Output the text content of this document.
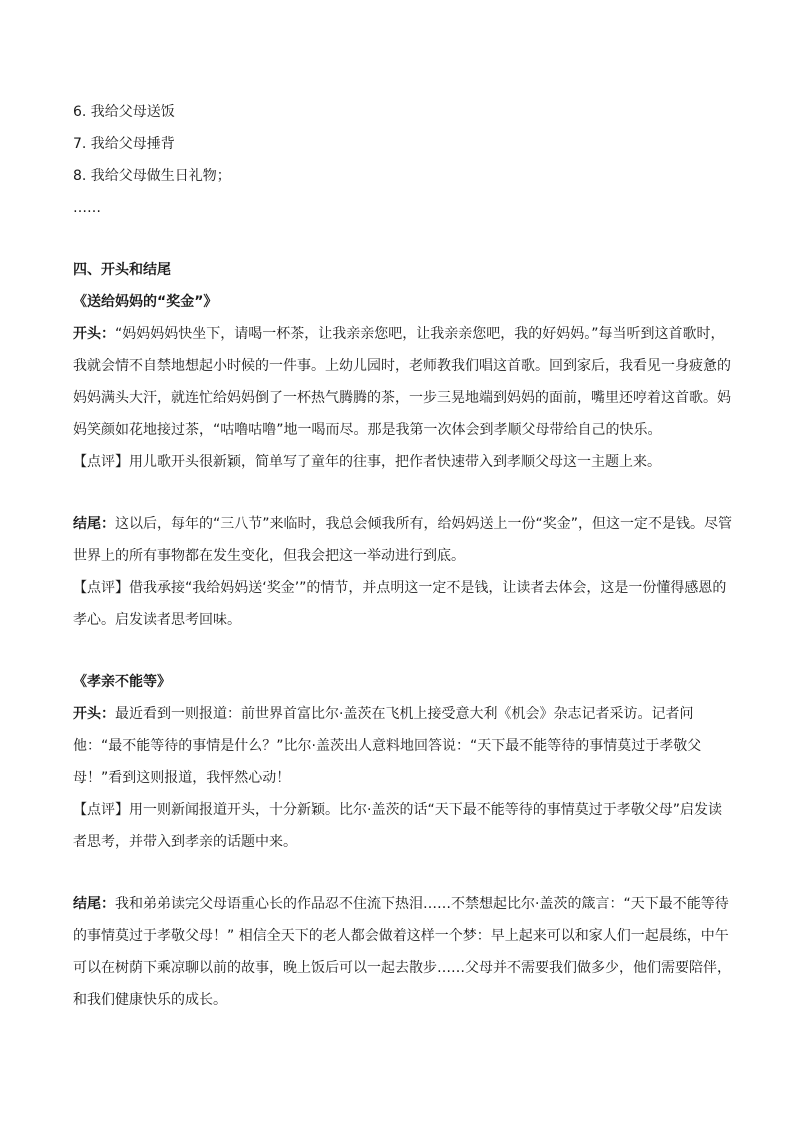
6. 我给父母送饭
7. 我给父母捶背
8. 我给父母做生日礼物；
……
四、开头和结尾
《送给妈妈的“奖金”》
开头：“妈妈妈妈快坐下，请喝一杯茶，让我亲亲您吧，让我亲亲您吧，我的好妈妈。”每当听到这首歌时，我就会情不自禁地想起小时候的一件事。上幼儿园时，老师教我们唱这首歌。回到家后，我看见一身疲惫的妈妈满头大汗，就连忙给妈妈倒了一杯热气腾腾的茶，一步三晃地端到妈妈的面前，嘴里还哼着这首歌。妈妈笑颜如花地接过茶，“咕噜咕噜”地一喝而尽。那是我第一次体会到孝顺父母带给自己的快乐。
【点评】用儿歌开头很新颖，简单写了童年的往事，把作者快速带入到孝顺父母这一主题上来。
结尾：这以后，每年的“三八节”来临时，我总会倾我所有，给妈妈送上一份“奖金”，但这一定不是钱。尽管世界上的所有事物都在发生变化，但我会把这一举动进行到底。
【点评】借我承接“我给妈妈送‘奖金’”的情节，并点明这一定不是钱，让读者去体会，这是一份懂得感恩的孝心。启发读者思考回味。
《孝亲不能等》
开头：最近看到一则报道：前世界首富比尔·盖茨在飞机上接受意大利《机会》杂志记者采访。记者问他：“最不能等待的事情是什么？”比尔·盖茨出人意料地回答说：“天下最不能等待的事情莫过于孝敬父母！”看到这则报道，我怦然心动！
【点评】用一则新闻报道开头，十分新颖。比尔·盖茨的话“天下最不能等待的事情莫过于孝敬父母”启发读者思考，并带入到孝亲的话题中来。
结尾：我和弟弟读完父母语重心长的作品忍不住流下热泪……不禁想起比尔·盖茨的箴言：“天下最不能等待的事情莫过于孝敬父母！” 相信全天下的老人都会做着这样一个梦：早上起来可以和家人们一起晨练，中午可以在树荫下乘凉聊以前的故事，晚上饭后可以一起去散步……父母并不需要我们做多少，他们需要陪伴，和我们健康快乐的成长。
